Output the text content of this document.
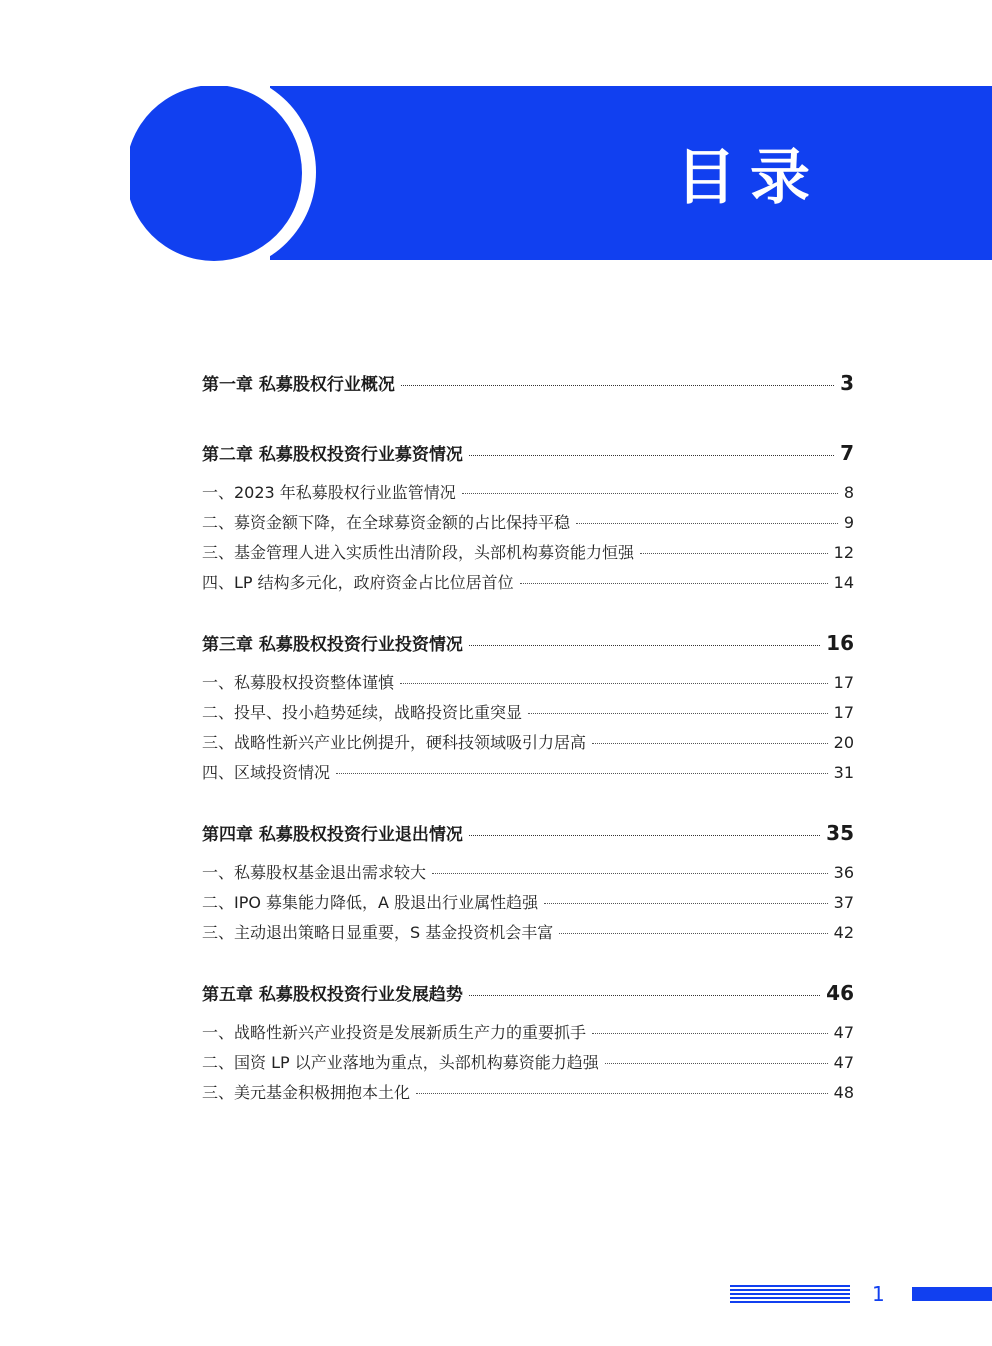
目录
第一章 私募股权行业概况	3
第二章 私募股权投资行业募资情况	7
一、2023 年私募股权行业监管情况	8
二、募资金额下降，在全球募资金额的占比保持平稳	9
三、基金管理人进入实质性出清阶段，头部机构募资能力恒强	12
四、LP 结构多元化，政府资金占比位居首位	14
第三章 私募股权投资行业投资情况	16
一、私募股权投资整体谨慎	17
二、投早、投小趋势延续，战略投资比重突显	17
三、战略性新兴产业比例提升，硬科技领域吸引力居高	20
四、区域投资情况	31
第四章 私募股权投资行业退出情况	35
一、私募股权基金退出需求较大	36
二、IPO 募集能力降低，A 股退出行业属性趋强	37
三、主动退出策略日显重要，S 基金投资机会丰富	42
第五章 私募股权投资行业发展趋势	46
一、战略性新兴产业投资是发展新质生产力的重要抓手	47
二、国资 LP 以产业落地为重点，头部机构募资能力趋强	47
三、美元基金积极拥抱本土化	48
1
